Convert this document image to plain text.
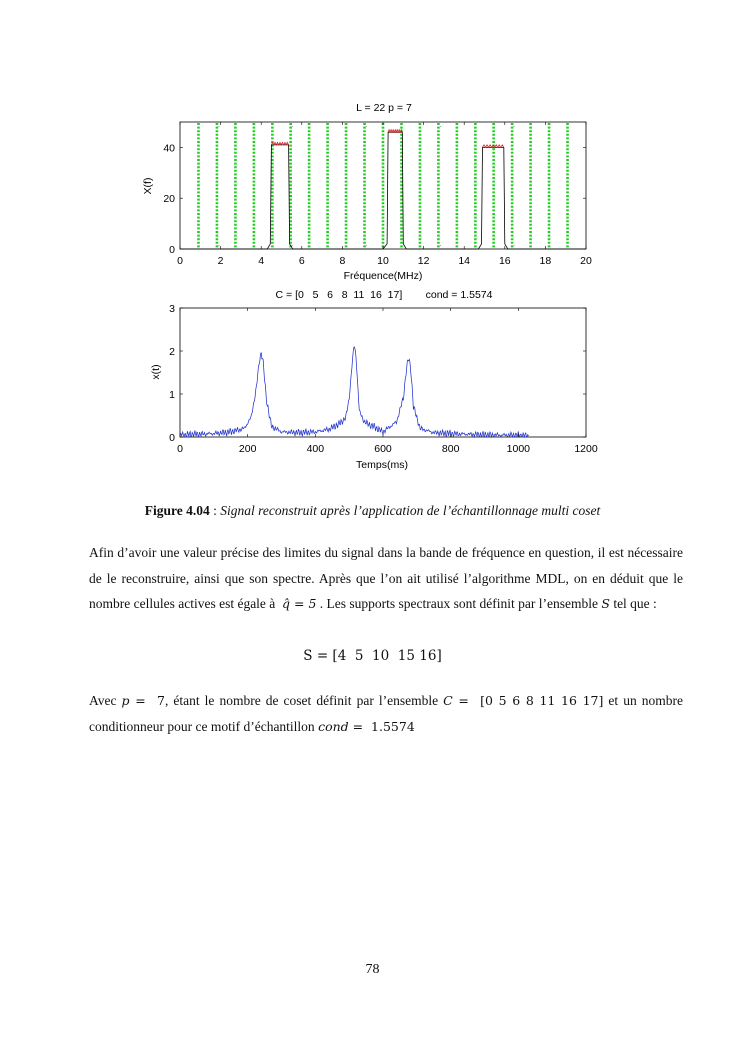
L = 22 p = 7
·
·
·
·
·
·
·
·
·
·
0	2	4	6	8	10	12	14	16	18	20
0
20
40
Fréquence(MHz)
X(f)
C = [0   5   6   8  11  16  17]        cond = 1.5574
0	200	400	600	800	1000	1200
0
1
2
3
Temps(ms)
x(t)
Figure 4.04 : Signal reconstruit après l’application de l’échantillonnage multi coset
Afin d’avoir une valeur précise des limites du signal dans la bande de fréquence en question, il est nécessaire de le reconstruire, ainsi que son spectre. Après que l’on ait utilisé l’algorithme MDL, on en déduit que le nombre cellules actives est égale à  q̂ = 5 . Les supports spectraux sont définit par l’ensemble S tel que :
S = [4  5  10  15 16]
Avec p =  7, étant le nombre de coset définit par l’ensemble C =  [0 5 6 8 11 16 17] et un nombre conditionneur pour ce motif d’échantillon cond =  1.5574
78
